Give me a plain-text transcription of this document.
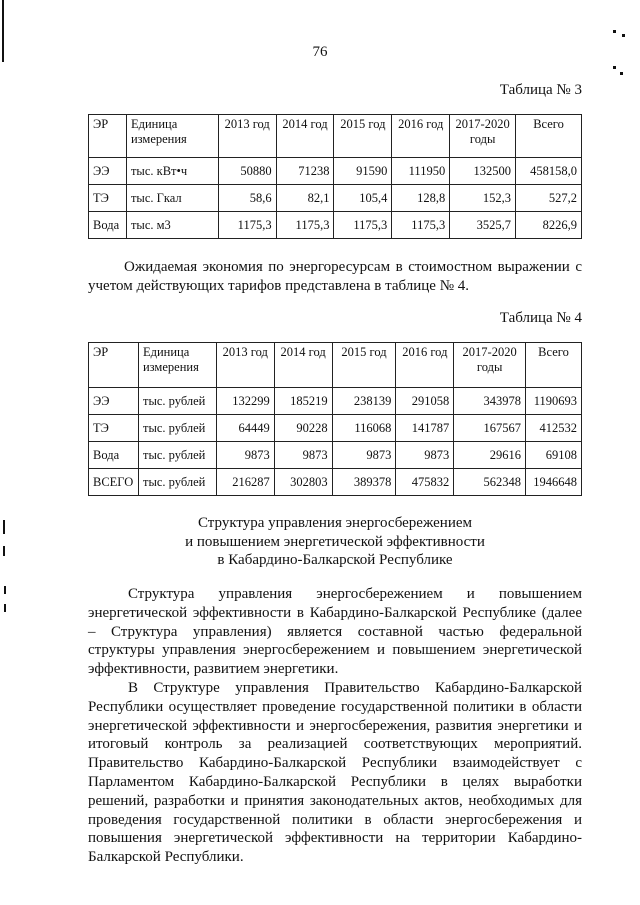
76
Таблица № 3
ЭР	Единица измерения	2013 год	2014 год	2015 год	2016 год	2017-2020 годы	Всего
ЭЭ	тыс. кВт•ч	50880	71238	91590	111950	132500	458158,0
ТЭ	тыс. Гкал	58,6	82,1	105,4	128,8	152,3	527,2
Вода	тыс. м3	1175,3	1175,3	1175,3	1175,3	3525,7	8226,9
Ожидаемая экономия по энергоресурсам в стоимостном выражении с учетом действующих тарифов представлена в таблице № 4.
Таблица № 4
ЭР	Единица измерения	2013 год	2014 год	2015 год	2016 год	2017-2020 годы	Всего
ЭЭ	тыс. рублей	132299	185219	238139	291058	343978	1190693
ТЭ	тыс. рублей	64449	90228	116068	141787	167567	412532
Вода	тыс. рублей	9873	9873	9873	9873	29616	69108
ВСЕГО	тыс. рублей	216287	302803	389378	475832	562348	1946648
Структура управления энергосбережением
и повышением энергетической эффективности
в Кабардино-Балкарской Республике
Структура управления энергосбережением и повышением энергетической эффективности в Кабардино-Балкарской Республике (далее – Структура управления) является составной частью федеральной структуры управления энергосбережением и повышением энергетической эффективности, развитием энергетики.
В Структуре управления Правительство Кабардино-Балкарской Республики осуществляет проведение государственной политики в области энергетической эффективности и энергосбережения, развития энергетики и итоговый контроль за реализацией соответствующих мероприятий. Правительство Кабардино-Балкарской Республики взаимодействует с Парламентом Кабардино-Балкарской Республики в целях выработки решений, разработки и принятия законодательных актов, необходимых для проведения государственной политики в области энергосбережения и повышения энергетической эффективности на территории Кабардино-Балкарской Республики.
